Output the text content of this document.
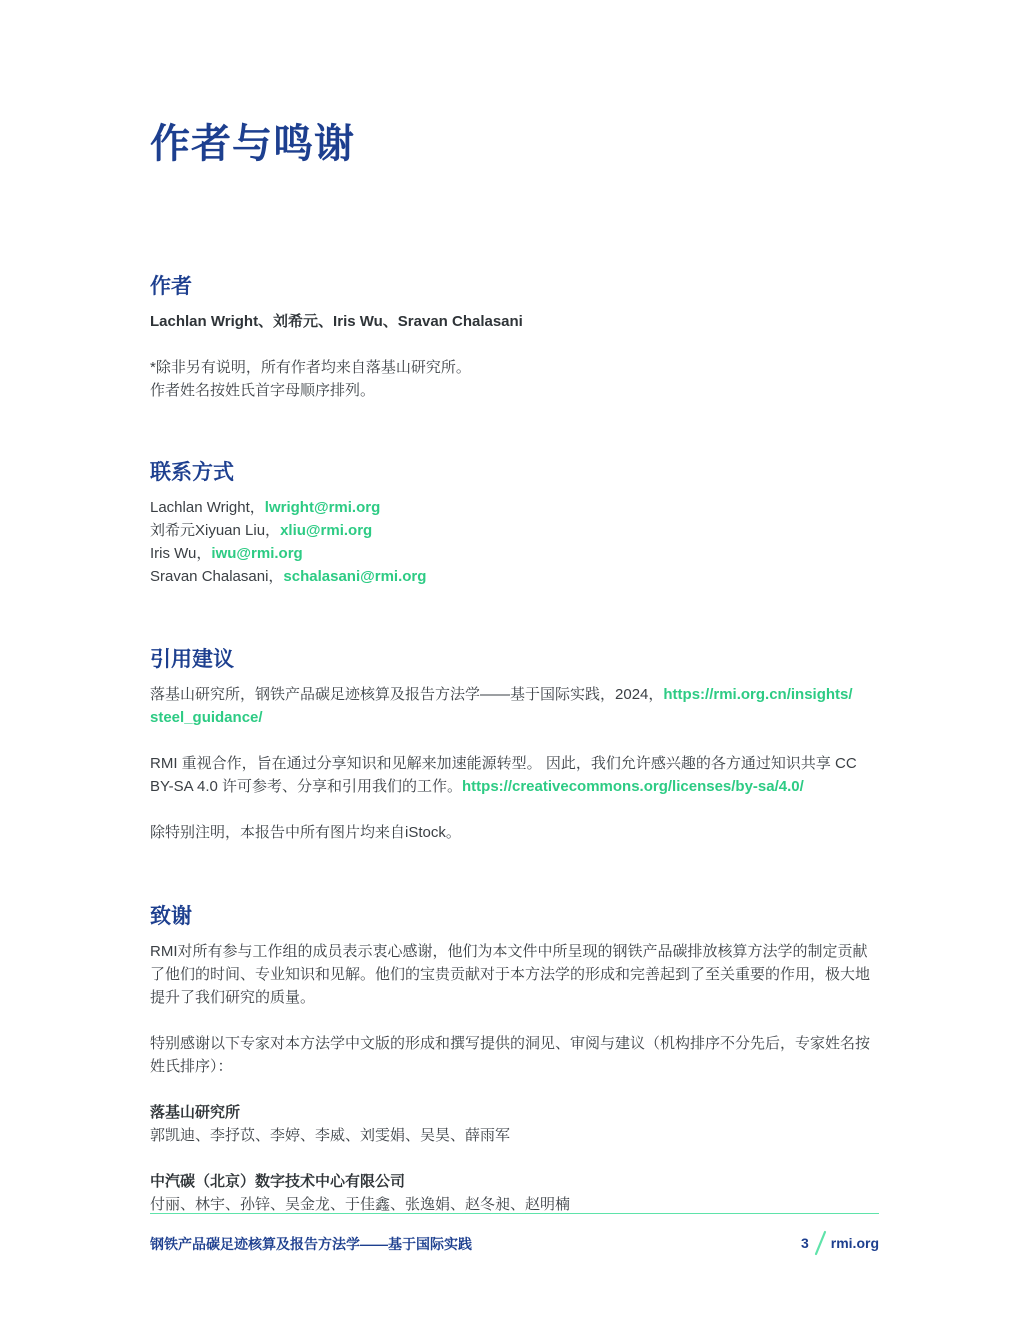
作者与鸣谢
作者

Lachlan Wright、刘希元、Iris Wu、Sravan Chalasani

*除非另有说明，所有作者均来自落基山研究所。

作者姓名按姓氏首字母顺序排列。

联系方式

Lachlan Wright，lwright@rmi.org

刘希元Xiyuan Liu，xliu@rmi.org

Iris Wu，iwu@rmi.org

Sravan Chalasani，schalasani@rmi.org

引用建议
落基山研究所，钢铁产品碳足迹核算及报告方法学——基于国际实践，2024，https://rmi.org.cn/insights/
steel_guidance/
RMI 重视合作，旨在通过分享知识和见解来加速能源转型。 因此，我们允许感兴趣的各方通过知识共享 CC
BY-SA 4.0 许可参考、分享和引用我们的工作。https://creativecommons.org/licenses/by-sa/4.0/
除特别注明，本报告中所有图片均来自iStock。
致谢
RMI对所有参与工作组的成员表示衷心感谢，他们为本文件中所呈现的钢铁产品碳排放核算方法学的制定贡献
了他们的时间、专业知识和见解。他们的宝贵贡献对于本方法学的形成和完善起到了至关重要的作用，极大地
提升了我们研究的质量。
特别感谢以下专家对本方法学中文版的形成和撰写提供的洞见、审阅与建议（机构排序不分先后，专家姓名按
姓氏排序）：
落基山研究所
郭凯迪、李抒苡、李婷、李威、刘雯娟、吴昊、薛雨军
中汽碳（北京）数字技术中心有限公司
付丽、林宇、孙锌、吴金龙、于佳鑫、张逸娟、赵冬昶、赵明楠
钢铁产品碳足迹核算及报告方法学——基于国际实践	3 rmi.org
